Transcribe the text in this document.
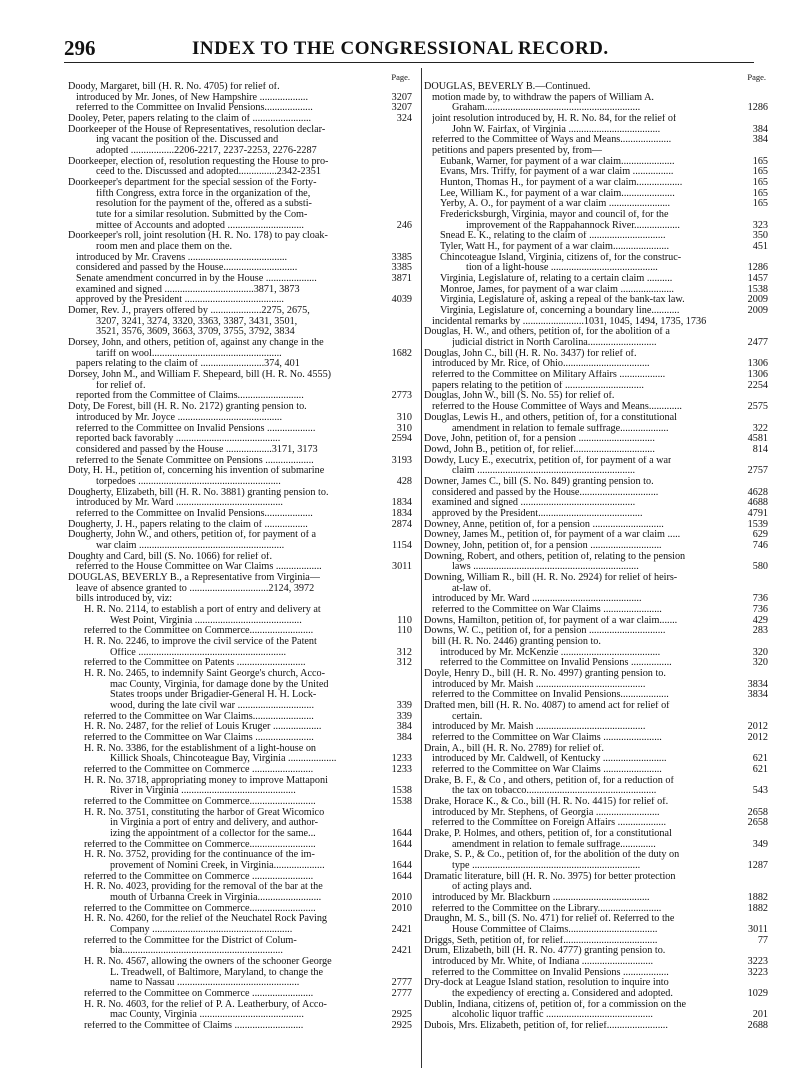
296	INDEX TO THE CONGRESSIONAL RECORD.
Page.
Doody, Margaret, bill (H. R. No. 4705) for relief of.
introduced by Mr. Jones, of New Hampshire ...................	3207
referred to the Committee on Invalid Pensions...................	3207
Dooley, Peter, papers relating to the claim of .......................	324
Doorkeeper of the House of Representatives, resolution declar-
ing vacant the position of the. Discussed and
adopted .................2206-2217, 2237-2253, 2276-2287
Doorkeeper, election of, resolution requesting the House to pro-
ceed to the. Discussed and adopted...............2342-2351
Doorkeeper's department for the special session of the Forty-
fifth Congress, extra force in the organization of the,
resolution for the payment of the, offered as a substi-
tute for a similar resolution. Submitted by the Com-
mittee of Accounts and adopted ..............................	246
Doorkeeper's roll, joint resolution (H. R. No. 178) to pay cloak-
room men and place them on the.
introduced by Mr. Cravens .......................................	3385
considered and passed by the House.............................	3385
Senate amendment concurred in by the House ....................	3871
examined and signed ...................................3871, 3873
approved by the President .......................................	4039
Domer, Rev. J., prayers offered by ....................2275, 2675,
3207, 3241, 3274, 3320, 3363, 3387, 3431, 3501,
3521, 3576, 3609, 3663, 3709, 3755, 3792, 3834
Dorsey, John, and others, petition of, against any change in the
tariff on wool...................................................	1682
papers relating to the claim of .........................374, 401
Dorsey, John M., and William F. Shepeard, bill (H. R. No. 4555)
for relief of.
reported from the Committee of Claims..........................	2773
Doty, De Forest, bill (H. R. No. 2172) granting pension to.
introduced by Mr. Joyce .........................................	310
referred to the Committee on Invalid Pensions ...................	310
reported back favorably .........................................	2594
considered and passed by the House ..................3171, 3173
referred to the Senate Committee on Pensions ...................	3193
Doty, H. H., petition of, concerning his invention of submarine
torpedoes ........................................................	428
Dougherty, Elizabeth, bill (H. R. No. 3881) granting pension to.
introduced by Mr. Ward ..........................................	1834
referred to the Committee on Invalid Pensions...................	1834
Dougherty, J. H., papers relating to the claim of .................	2874
Dougherty, John W., and others, petition of, for payment of a
war claim .........................................................	1154
Doughty and Card, bill (S. No. 1066) for relief of.
referred to the House Committee on War Claims ..................	3011
DOUGLAS, BEVERLY B., a Representative from Virginia—
leave of absence granted to ...............................2124, 3972
bills introduced by, viz:
H. R. No. 2114, to establish a port of entry and delivery at
West Point, Virginia ..........................................	110
referred to the Committee on Commerce.........................	110
H. R. No. 2246, to improve the civil service of the Patent
Office ..........................................................	312
referred to the Committee on Patents ...........................	312
H. R. No. 2465, to indemnify Saint George's church, Acco-
mac County, Virginia, for damage done by the United
States troops under Brigadier-General H. H. Lock-
wood, during the late civil war ..............................	339
referred to the Committee on War Claims........................	339
H. R. No. 2487, for the relief of Louis Kruger ...................	384
referred to the Committee on War Claims .......................	384
H. R. No. 3386, for the establishment of a light-house on
Killick Shoals, Chincoteague Bay, Virginia ...................	1233
referred to the Committee on Commerce ........................	1233
H. R. No. 3718, appropriating money to improve Mattaponi
River in Virginia .............................................	1538
referred to the Committee on Commerce..........................	1538
H. R. No. 3751, constituting the harbor of Great Wicomico
in Virginia a port of entry and delivery, and author-
izing the appointment of a collector for the same...	1644
referred to the Committee on Commerce..........................	1644
H. R. No. 3752, providing for the continuance of the im-
provement of Nomini Creek, in Virginia....................	1644
referred to the Committee on Commerce ........................	1644
H. R. No. 4023, providing for the removal of the bar at the
mouth of Urbanna Creek in Virginia.........................	2010
referred to the Committee on Commerce..........................	2010
H. R. No. 4260, for the relief of the Neuchatel Rock Paving
Company .......................................................	2421
referred to the Committee for the District of Colum-
bia...............................................................	2421
H. R. No. 4567, allowing the owners of the schooner George
L. Treadwell, of Baltimore, Maryland, to change the
name to Nassau ................................................	2777
referred to the Committee on Commerce ........................	2777
H. R. No. 4603, for the relief of P. A. Leatherbury, of Acco-
mac County, Virginia .........................................	2925
referred to the Committee of Claims ...........................	2925
Page.
DOUGLAS, BEVERLY B.—Continued.
motion made by, to withdraw the papers of William A.
Graham.............................................................	1286
joint resolution introduced by, H. R. No. 84, for the relief of
John W. Fairfax, of Virginia ....................................	384
referred to the Committee of Ways and Means....................	384
petitions and papers presented by, from—
Eubank, Warner, for payment of a war claim.....................	165
Evans, Mrs. Triffy, for payment of a war claim ................	165
Hunton, Thomas H., for payment of a war claim..................	165
Lee, William K., for payment of a war claim.....................	165
Yerby, A. O., for payment of a war claim ........................	165
Fredericksburgh, Virginia, mayor and council of, for the
improvement of the Rappahannock River..................	323
Snead E. K., relating to the claim of ..............................	350
Tyler, Watt H., for payment of a war claim......................	451
Chincoteague Island, Virginia, citizens of, for the construc-
tion of a light-house ..........................................	1286
Virginia, Legislature of, relating to a certain claim ..........	1457
Monroe, James, for payment of a war claim .....................	1538
Virginia, Legislature of, asking a repeal of the bank-tax law.	2009
Virginia, Legislature of, concerning a boundary line...........	2009
incidental remarks by ........................1031, 1045, 1494, 1735, 1736
Douglas, H. W., and others, petition of, for the abolition of a
judicial district in North Carolina...........................	2477
Douglas, John C., bill (H. R. No. 3437) for relief of.
introduced by Mr. Rice, of Ohio..................................	1306
referred to the Committee on Military Affairs ..................	1306
papers relating to the petition of ...............................	2254
Douglas, John W., bill (S. No. 55) for relief of.
referred to the House Committee of Ways and Means.............	2575
Douglas, Lewis H., and others, petition of, for a constitutional
amendment in relation to female suffrage...................	322
Dove, John, petition of, for a pension ..............................	4581
Dowd, John B., petition of, for relief................................	814
Dowdy, Lucy E., executrix, petition of, for payment of a war
claim ..............................................................	2757
Downer, James C., bill (S. No. 849) granting pension to.
considered and passed by the House...............................	4628
examined and signed .............................................	4688
approved by the President.........................................	4791
Downey, Anne, petition of, for a pension ............................	1539
Downey, James M., petition of, for payment of a war claim .....	629
Downey, John, petition of, for a pension ............................	746
Downing, Robert, and others, petition of, relating to the pension
laws .................................................................	580
Downing, William R., bill (H. R. No. 2924) for relief of heirs-
at-law of.
introduced by Mr. Ward ...........................................	736
referred to the Committee on War Claims .......................	736
Downs, Hamilton, petition of, for payment of a war claim.......	429
Downs, W. C., petition of, for a pension ..............................	283
bill (H. R. No. 2446) granting pension to.
introduced by Mr. McKenzie .......................................	320
referred to the Committee on Invalid Pensions ................	320
Doyle, Henry D., bill (H. R. No. 4997) granting pension to.
introduced by Mr. Maish ...........................................	3834
referred to the Committee on Invalid Pensions...................	3834
Drafted men, bill (H. R. No. 4087) to amend act for relief of
certain.
introduced by Mr. Maish ...........................................	2012
referred to the Committee on War Claims .......................	2012
Drain, A., bill (H. R. No. 2789) for relief of.
introduced by Mr. Caldwell, of Kentucky .........................	621
referred to the Committee on War Claims .......................	621
Drake, B. F., & Co , and others, petition of, for a reduction of
the tax on tobacco...................................................	543
Drake, Horace K., & Co., bill (H. R. No. 4415) for relief of.
introduced by Mr. Stephens, of Georgia .........................	2658
referred to the Committee on Foreign Affairs ...................	2658
Drake, P. Holmes, and others, petition of, for a constitutional
amendment in relation to female suffrage..............	349
Drake, S. P., & Co., petition of, for the abolition of the duty on
type ..................................................................	1287
Dramatic literature, bill (H. R. No. 3975) for better protection
of acting plays and.
introduced by Mr. Blackburn ......................................	1882
referred to the Committee on the Library.........................	1882
Draughn, M. S., bill (S. No. 471) for relief of. Referred to the
House Committee of Claims...................................	3011
Driggs, Seth, petition of, for relief.....................................	77
Drum, Elizabeth, bill (H. R. No. 4777) granting pension to.
introduced by Mr. White, of Indiana ............................	3223
referred to the Committee on Invalid Pensions ..................	3223
Dry-dock at League Island station, resolution to inquire into
the expediency of erecting a. Considered and adopted.	1029
Dublin, Indiana, citizens of, petition of, for a commission on the
alcoholic liquor traffic ..........................................	201
Dubois, Mrs. Elizabeth, petition of, for relief........................	2688
